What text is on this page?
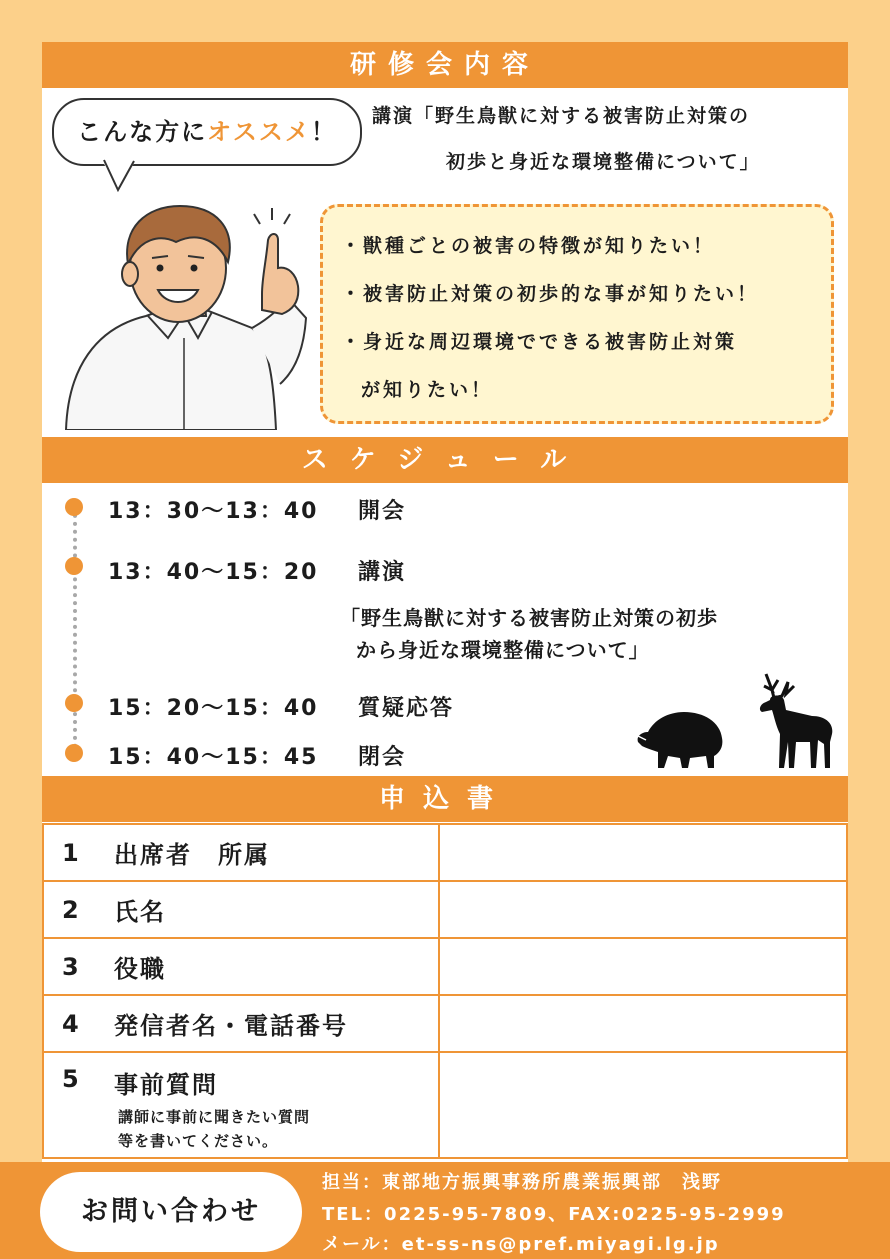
研修会内容
こんな方にオススメ！
講演「野生鳥獣に対する被害防止対策の
初歩と身近な環境整備について」
・獣種ごとの被害の特徴が知りたい！
・被害防止対策の初歩的な事が知りたい！
・身近な周辺環境でできる被害防止対策
が知りたい！
スケジュール
13：30〜13：40 開会
13：40〜15：20 講演
「野生鳥獣に対する被害防止対策の初歩
から身近な環境整備について」
15：20〜15：40 質疑応答
15：40〜15：45 閉会
申込書
1 出席者　所属	

2 氏名	

3 役職	

4 発信者名・電話番号	

5 事前質問
講師に事前に聞きたい質問
等を書いてください。	

お問い合わせ
担当：東部地方振興事務所農業振興部　浅野
TEL：0225-95-7809、FAX:0225-95-2999
メール：et-ss-ns@pref.miyagi.lg.jp
